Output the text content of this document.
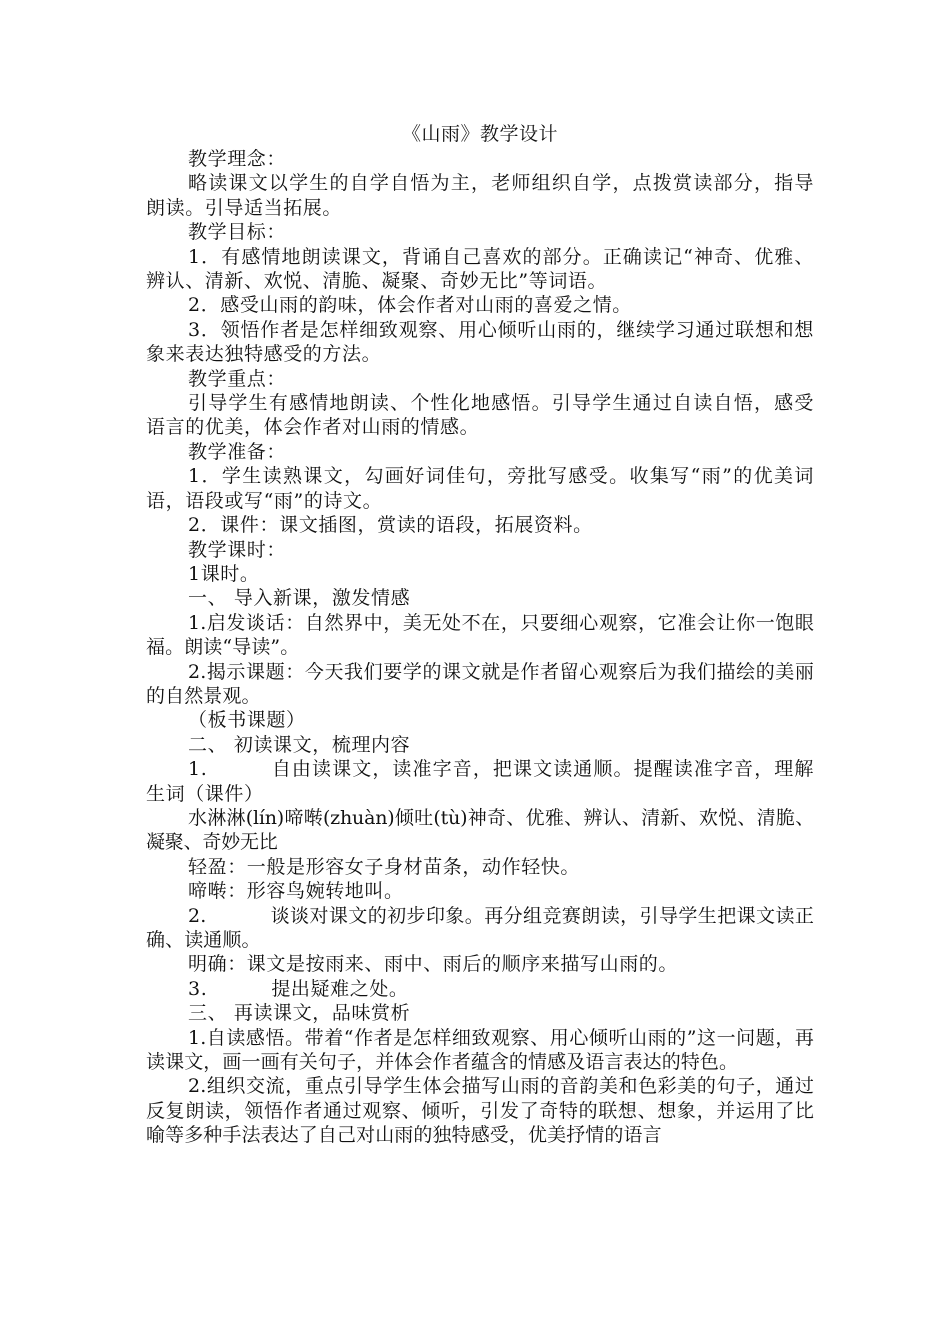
《山雨》教学设计

教学理念：

略读课文以学生的自学自悟为主，老师组织自学，点拨赏读部分，指导朗读。引导适当拓展。

教学目标：

1．有感情地朗读课文，背诵自己喜欢的部分。正确读记“神奇、优雅、辨认、清新、欢悦、清脆、凝聚、奇妙无比”等词语。

2．感受山雨的韵味，体会作者对山雨的喜爱之情。

3．领悟作者是怎样细致观察、用心倾听山雨的，继续学习通过联想和想象来表达独特感受的方法。

教学重点：

引导学生有感情地朗读、个性化地感悟。引导学生通过自读自悟，感受语言的优美，体会作者对山雨的情感。

教学准备：

1．学生读熟课文，勾画好词佳句，旁批写感受。收集写“雨”的优美词语，语段或写“雨”的诗文。

2．课件：课文插图，赏读的语段，拓展资料。

教学课时：

1课时。

一、 导入新课，激发情感

1.启发谈话：自然界中，美无处不在，只要细心观察，它准会让你一饱眼福。朗读“导读”。

2.揭示课题：今天我们要学的课文就是作者留心观察后为我们描绘的美丽的自然景观。

（板书课题）

二、 初读课文，梳理内容

1.	自由读课文，读准字音，把课文读通顺。提醒读准字音，理解生词（课件）

水淋淋(lín)啼啭(zhuàn)倾吐(tù)神奇、优雅、辨认、清新、欢悦、清脆、凝聚、奇妙无比

轻盈：一般是形容女子身材苗条，动作轻快。

啼啭：形容鸟婉转地叫。

2.	谈谈对课文的初步印象。再分组竞赛朗读，引导学生把课文读正确、读通顺。

明确：课文是按雨来、雨中、雨后的顺序来描写山雨的。

3.	提出疑难之处。

三、 再读课文，品味赏析

1.自读感悟。带着“作者是怎样细致观察、用心倾听山雨的”这一问题，再读课文，画一画有关句子，并体会作者蕴含的情感及语言表达的特色。

2.组织交流，重点引导学生体会描写山雨的音韵美和色彩美的句子，通过反复朗读，领悟作者通过观察、倾听，引发了奇特的联想、想象，并运用了比喻等多种手法表达了自己对山雨的独特感受，优美抒情的语言
